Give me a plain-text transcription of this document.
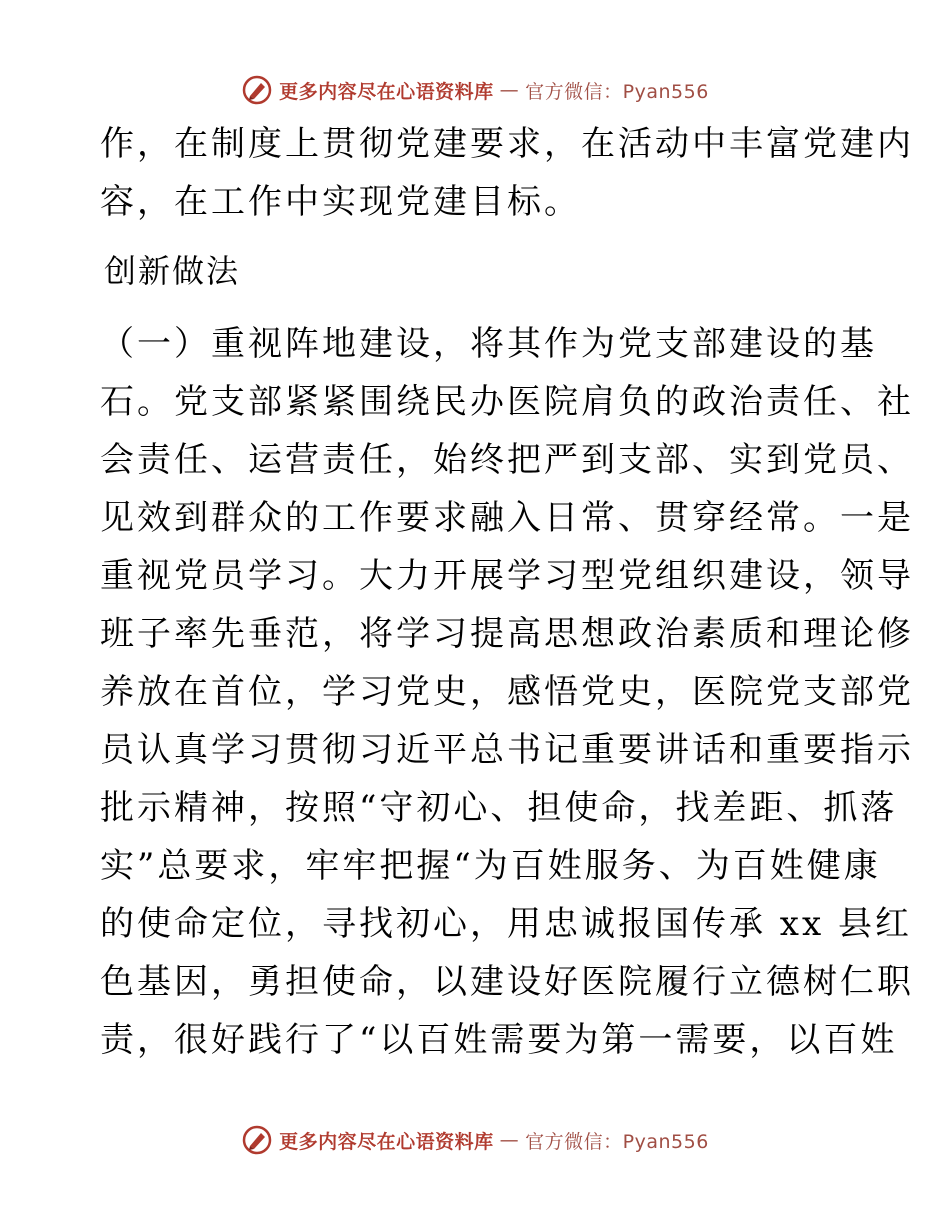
更多内容尽在心语资料库 — 官方微信：Pyan556
作，在制度上贯彻党建要求，在活动中丰富党建内
容，在工作中实现党建目标。
创新做法
（一）重视阵地建设，将其作为党支部建设的基
石。党支部紧紧围绕民办医院肩负的政治责任、社
会责任、运营责任，始终把严到支部、实到党员、
见效到群众的工作要求融入日常、贯穿经常。一是
重视党员学习。大力开展学习型党组织建设，领导
班子率先垂范，将学习提高思想政治素质和理论修
养放在首位，学习党史，感悟党史，医院党支部党
员认真学习贯彻习近平总书记重要讲话和重要指示
批示精神，按照“守初心、担使命，找差距、抓落
实”总要求，牢牢把握“为百姓服务、为百姓健康
的使命定位，寻找初心，用忠诚报国传承 xx 县红
色基因，勇担使命，以建设好医院履行立德树仁职
责，很好践行了“以百姓需要为第一需要，以百姓
更多内容尽在心语资料库 — 官方微信：Pyan556
